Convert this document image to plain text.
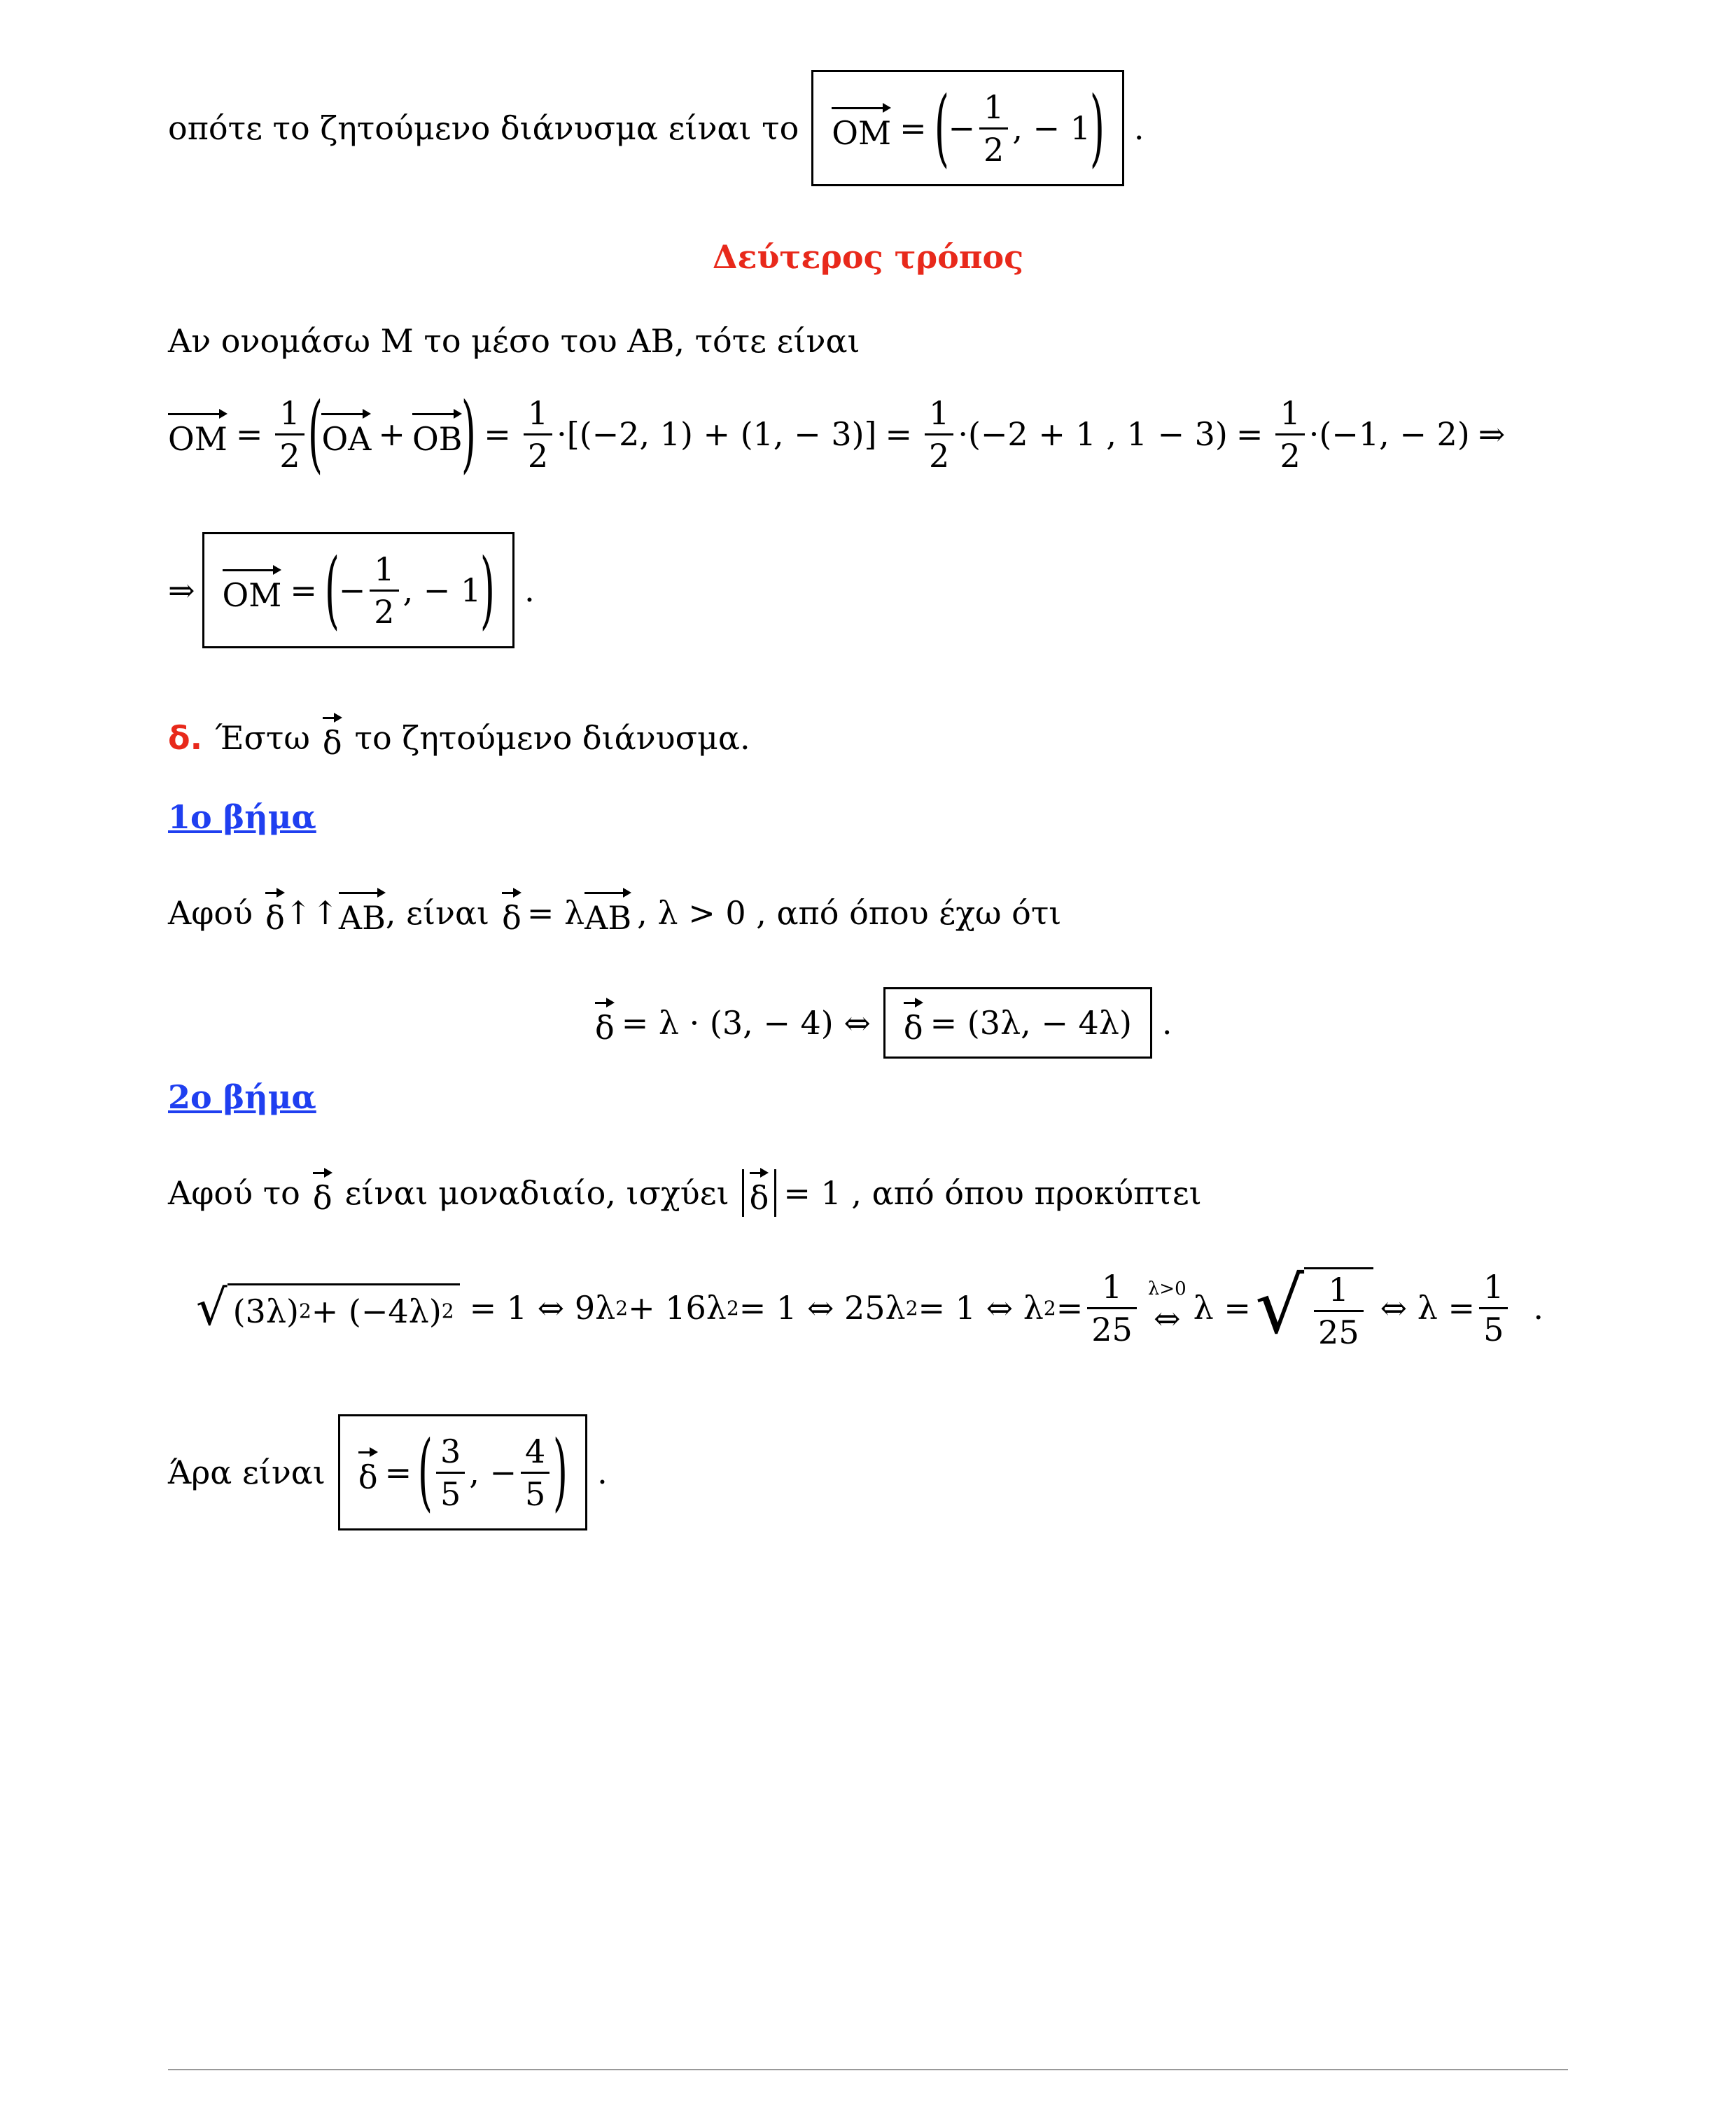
οπότε το ζητούμενο διάνυσμα είναι το OM = (
− $\frac{1}{2}$ , − 1
) .
Δεύτερος τρόπος
Αν ονομάσω Μ το μέσο του ΑΒ, τότε είναι
OM = $\frac{1}{2}$ (
OA + OB
) = $\frac{1}{2} \cdot [(-2$, 1) + (1, − $3)] = \frac{1}{2} \cdot (-2 + 1$ , $1 - 3) = \frac{1}{2} \cdot (-1$, − 2) ⇒
⇒ OM = (
− $\frac{1}{2}$ , − 1
) .
δ. Έστω δ το ζητούμενο διάνυσμα.
1ο βήμα
Αφού δ ↑↑ AB , είναι δ = λ AB , λ > 0 , από όπου έχω ότι
δ = λ · (3, − 4) ⇔ δ = (3λ, − 4λ) .
2ο βήμα
Αφού το δ είναι μοναδιαίο, ισχύει δ = 1 , από όπου προκύπτει
√ (3λ) 2 + (−4λ) 2 = 1 ⇔ 9λ 2 + 16λ 2 = 1 ⇔ 25λ 2 = 1 ⇔ λ $2 = \frac{1}{25} \lambda>0$
⇔ λ = √ $\frac{1}{25}$ ⇔ $\lambda = \frac{1}{5}$ .
Άρα είναι δ = ( $\frac{3}{5}$ , − $\frac{4}{5}$ ) .
